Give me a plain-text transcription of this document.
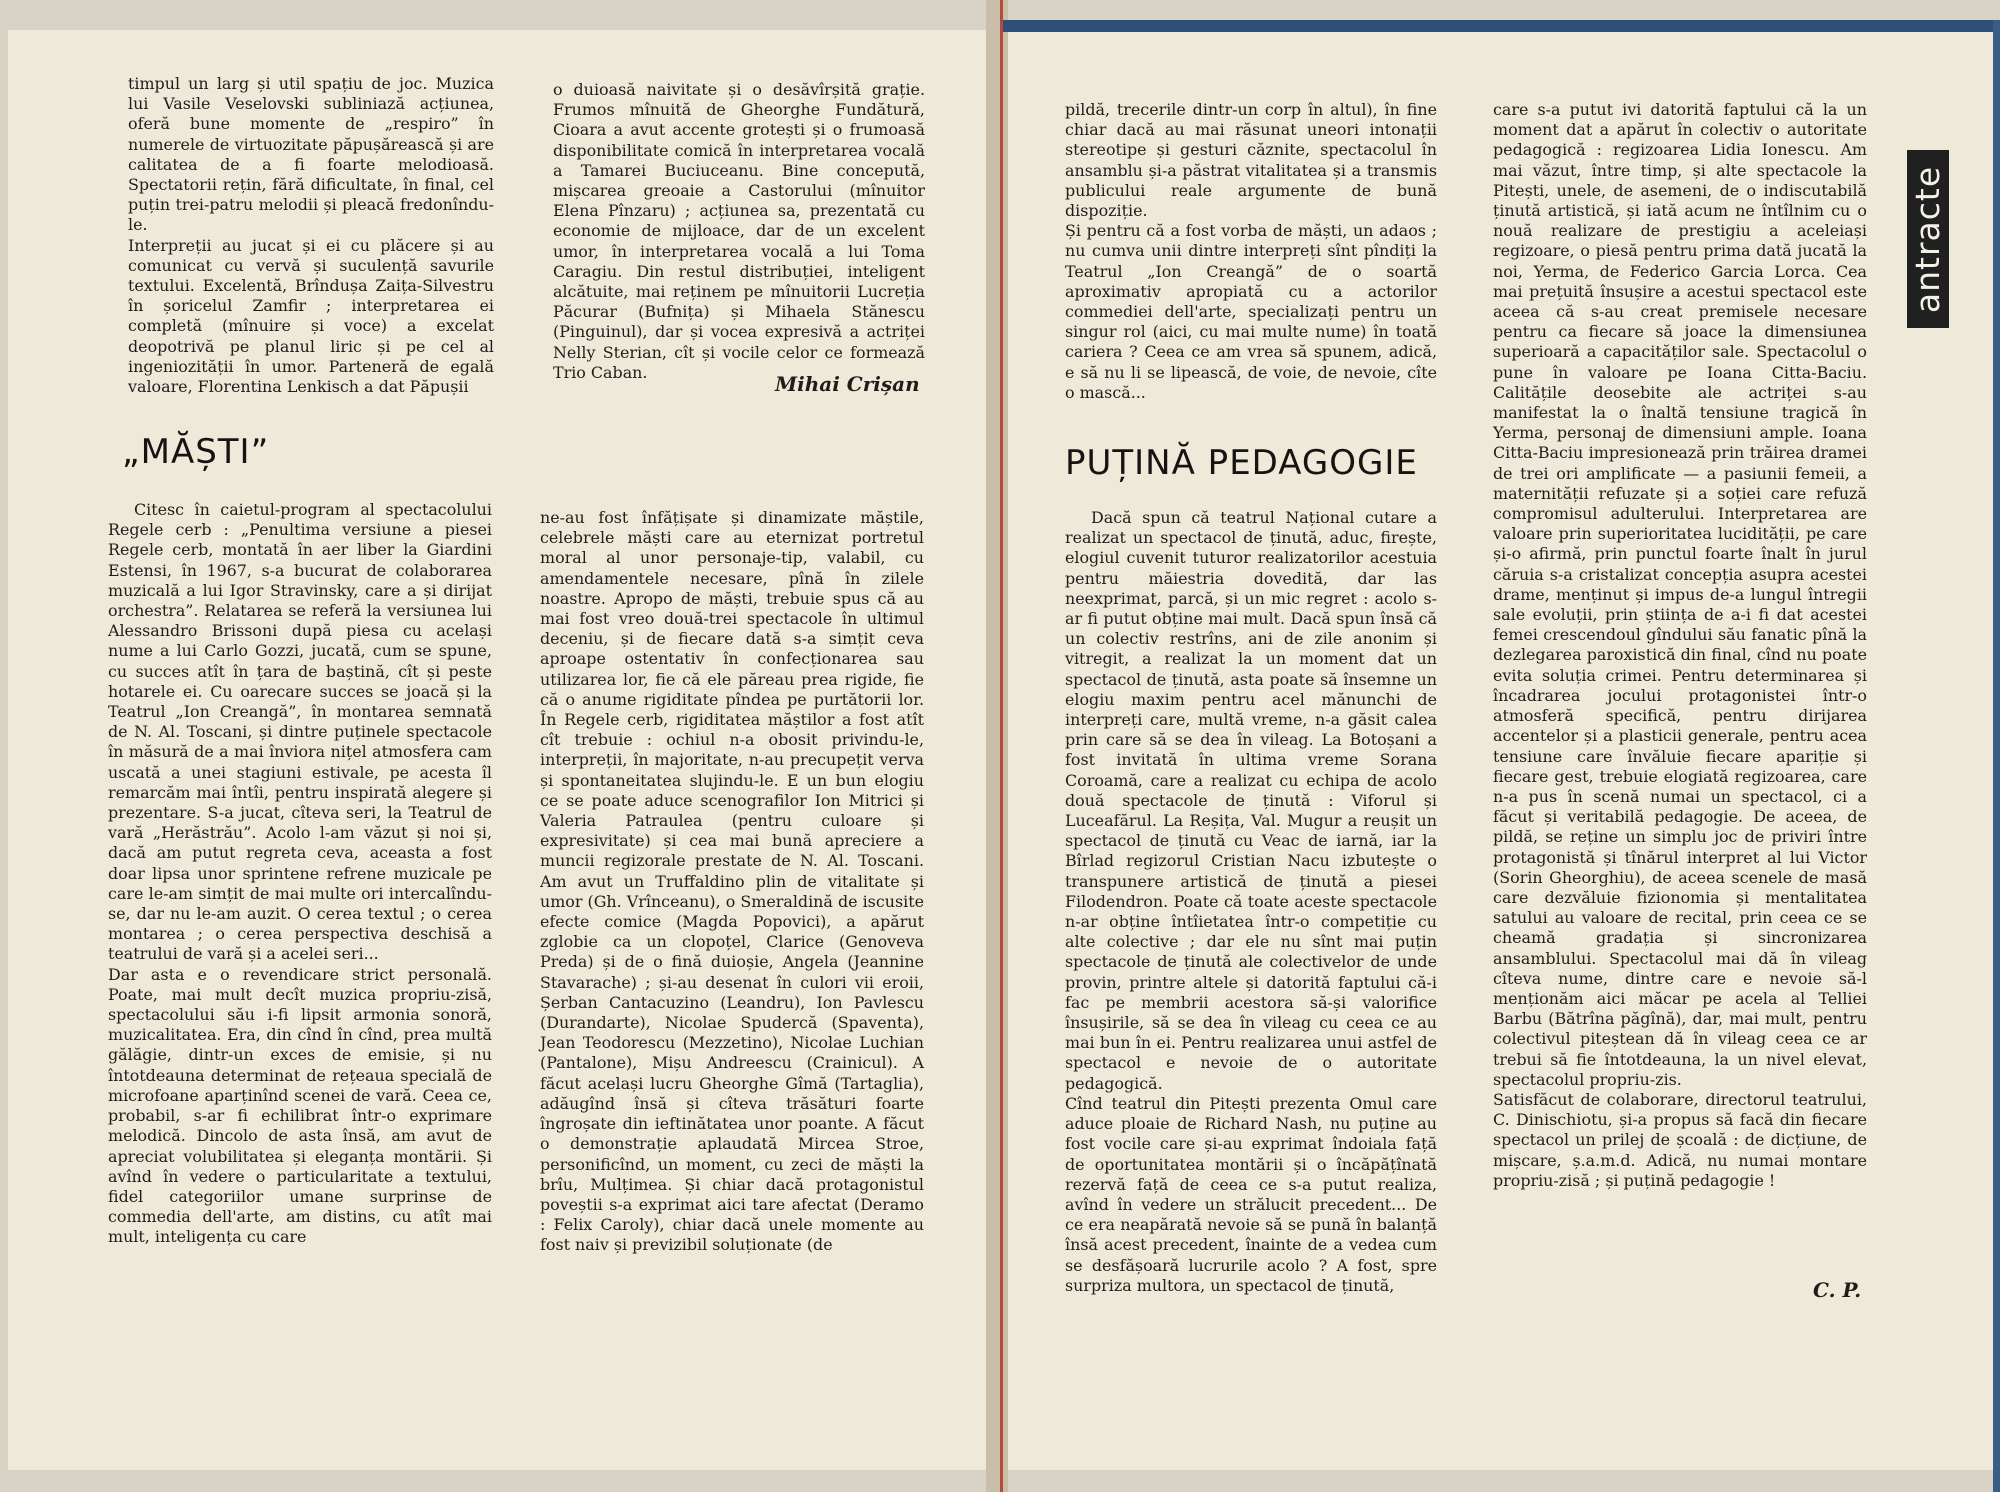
timpul un larg și util spațiu de joc. Muzica lui Vasile Veselovski subliniază acțiunea, oferă bune momente de „respiro” în numerele de virtuozitate păpușărească și are calitatea de a fi foarte melodioasă. Spectatorii rețin, fără dificultate, în final, cel puțin trei-patru melodii și pleacă fredonîndu-le.
Interpreții au jucat și ei cu plăcere și au comunicat cu vervă și suculență savurile textului. Excelentă, Brîndușa Zaița-Silvestru în șoricelul Zamfir ; interpretarea ei completă (mînuire și voce) a excelat deopotrivă pe planul liric și pe cel al ingeniozității în umor. Parteneră de egală valoare, Florentina Lenkisch a dat Păpușii

o duioasă naivitate și o desăvîrșită grație. Frumos mînuită de Gheorghe Fundătură, Cioara a avut accente grotești și o frumoasă disponibilitate comică în interpretarea vocală a Tamarei Buciuceanu. Bine concepută, mișcarea greoaie a Castorului (mînuitor Elena Pînzaru) ; acțiunea sa, prezentată cu economie de mijloace, dar de un excelent umor, în interpretarea vocală a lui Toma Caragiu. Din restul distribuției, inteligent alcătuite, mai reținem pe mînuitorii Lucreția Păcurar (Bufnița) și Mihaela Stănescu (Pinguinul), dar și vocea expresivă a actriței Nelly Sterian, cît și vocile celor ce formează Trio Caban.	Mihai Crișan
„MĂȘTI”

Citesc în caietul-program al spectacolului Regele cerb : „Penultima versiune a piesei Regele cerb, montată în aer liber la Giardini Estensi, în 1967, s-a bucurat de colaborarea muzicală a lui Igor Stravinsky, care a și dirijat orchestra”. Relatarea se referă la versiunea lui Alessandro Brissoni după piesa cu același nume a lui Carlo Gozzi, jucată, cum se spune, cu succes atît în țara de baștină, cît și peste hotarele ei. Cu oarecare succes se joacă și la Teatrul „Ion Creangă”, în montarea semnată de N. Al. Toscani, și dintre puținele spectacole în măsură de a mai înviora nițel atmosfera cam uscată a unei stagiuni estivale, pe acesta îl remarcăm mai întîi, pentru inspirată alegere și prezentare. S-a jucat, cîteva seri, la Teatrul de vară „Herăstrău”. Acolo l-am văzut și noi și, dacă am putut regreta ceva, aceasta a fost doar lipsa unor sprintene refrene muzicale pe care le-am simțit de mai multe ori intercalîndu-se, dar nu le-am auzit. O cerea textul ; o cerea montarea ; o cerea perspectiva deschisă a teatrului de vară și a acelei seri...
Dar asta e o revendicare strict personală. Poate, mai mult decît muzica propriu-zisă, spectacolului său i-fi lipsit armonia sonoră, muzicalitatea. Era, din cînd în cînd, prea multă gălăgie, dintr-un exces de emisie, și nu întotdeauna determinat de rețeaua specială de microfoane aparținînd scenei de vară. Ceea ce, probabil, s-ar fi echilibrat într-o exprimare melodică. Dincolo de asta însă, am avut de apreciat volubilitatea și eleganța montării. Și avînd în vedere o particularitate a textului, fidel categoriilor umane surprinse de commedia dell'arte, am distins, cu atît mai mult, inteligența cu care

ne-au fost înfățișate și dinamizate măștile, celebrele măști care au eternizat portretul moral al unor personaje-tip, valabil, cu amendamentele necesare, pînă în zilele noastre. Apropo de măști, trebuie spus că au mai fost vreo două-trei spectacole în ultimul deceniu, și de fiecare dată s-a simțit ceva aproape ostentativ în confecționarea sau utilizarea lor, fie că ele păreau prea rigide, fie că o anume rigiditate pîndea pe purtătorii lor. În Regele cerb, rigiditatea măștilor a fost atît cît trebuie : ochiul n-a obosit privindu-le, interpreții, în majoritate, n-au precupețit verva și spontaneitatea slujindu-le. E un bun elogiu ce se poate aduce scenografilor Ion Mitrici și Valeria Patraulea (pentru culoare și expresivitate) și cea mai bună apreciere a muncii regizorale prestate de N. Al. Toscani. Am avut un Truffaldino plin de vitalitate și umor (Gh. Vrînceanu), o Smeraldină de iscusite efecte comice (Magda Popovici), a apărut zglobie ca un clopoțel, Clarice (Genoveva Preda) și de o fină duioșie, Angela (Jeannine Stavarache) ; și-au desenat în culori vii eroii, Șerban Cantacuzino (Leandru), Ion Pavlescu (Durandarte), Nicolae Spudercă (Spaventa), Jean Teodorescu (Mezzetino), Nicolae Luchian (Pantalone), Mișu Andreescu (Crainicul). A făcut același lucru Gheorghe Gîmă (Tartaglia), adăugînd însă și cîteva trăsături foarte îngroșate din ieftinătatea unor poante. A făcut o demonstrație aplaudată Mircea Stroe, personificînd, un moment, cu zeci de măști la brîu, Mulțimea. Și chiar dacă protagonistul poveștii s-a exprimat aici tare afectat (Deramo : Felix Caroly), chiar dacă unele momente au fost naiv și previzibil soluționate (de

pildă, trecerile dintr-un corp în altul), în fine chiar dacă au mai răsunat uneori intonații stereotipe și gesturi căznite, spectacolul în ansamblu și-a păstrat vitalitatea și a transmis publicului reale argumente de bună dispoziție.
Și pentru că a fost vorba de măști, un adaos ; nu cumva unii dintre interpreți sînt pîndiți la Teatrul „Ion Creangă” de o soartă aproximativ apropiată cu a actorilor commediei dell'arte, specializați pentru un singur rol (aici, cu mai multe nume) în toată cariera ? Ceea ce am vrea să spunem, adică, e să nu li se lipească, de voie, de nevoie, cîte o mască...

PUȚINĂ PEDAGOGIE

Dacă spun că teatrul Național cutare a realizat un spectacol de ținută, aduc, firește, elogiul cuvenit tuturor realizatorilor acestuia pentru măiestria dovedită, dar las neexprimat, parcă, și un mic regret : acolo s-ar fi putut obține mai mult. Dacă spun însă că un colectiv restrîns, ani de zile anonim și vitregit, a realizat la un moment dat un spectacol de ținută, asta poate să însemne un elogiu maxim pentru acel mănunchi de interpreți care, multă vreme, n-a găsit calea prin care să se dea în vileag. La Botoșani a fost invitată în ultima vreme Sorana Coroamă, care a realizat cu echipa de acolo două spectacole de ținută : Viforul și Luceafărul. La Reșița, Val. Mugur a reușit un spectacol de ținută cu Veac de iarnă, iar la Bîrlad regizorul Cristian Nacu izbutește o transpunere artistică de ținută a piesei Filodendron. Poate că toate aceste spectacole n-ar obține întîietatea într-o competiție cu alte colective ; dar ele nu sînt mai puțin spectacole de ținută ale colectivelor de unde provin, printre altele și datorită faptului că-i fac pe membrii acestora să-și valorifice însușirile, să se dea în vileag cu ceea ce au mai bun în ei. Pentru realizarea unui astfel de spectacol e nevoie de o autoritate pedagogică.
Cînd teatrul din Pitești prezenta Omul care aduce ploaie de Richard Nash, nu puține au fost vocile care și-au exprimat îndoiala față de oportunitatea montării și o încăpățînată rezervă față de ceea ce s-a putut realiza, avînd în vedere un strălucit precedent... De ce era neapărată nevoie să se pună în balanță însă acest precedent, înainte de a vedea cum se desfășoară lucrurile acolo ? A fost, spre surpriza multora, un spectacol de ținută,

care s-a putut ivi datorită faptului că la un moment dat a apărut în colectiv o autoritate pedagogică : regizoarea Lidia Ionescu. Am mai văzut, între timp, și alte spectacole la Pitești, unele, de asemeni, de o indiscutabilă ținută artistică, și iată acum ne întîlnim cu o nouă realizare de prestigiu a aceleiași regizoare, o piesă pentru prima dată jucată la noi, Yerma, de Federico Garcia Lorca. Cea mai prețuită însușire a acestui spectacol este aceea că s-au creat premisele necesare pentru ca fiecare să joace la dimensiunea superioară a capacităților sale. Spectacolul o pune în valoare pe Ioana Citta-Baciu. Calitățile deosebite ale actriței s-au manifestat la o înaltă tensiune tragică în Yerma, personaj de dimensiuni ample. Ioana Citta-Baciu impresionează prin trăirea dramei de trei ori amplificate — a pasiunii femeii, a maternității refuzate și a soției care refuză compromisul adulterului. Interpretarea are valoare prin superioritatea lucidității, pe care și-o afirmă, prin punctul foarte înalt în jurul căruia s-a cristalizat concepția asupra acestei drame, menținut și impus de-a lungul întregii sale evoluții, prin știința de a-i fi dat acestei femei crescendoul gîndului său fanatic pînă la dezlegarea paroxistică din final, cînd nu poate evita soluția crimei. Pentru determinarea și încadrarea jocului protagonistei într-o atmosferă specifică, pentru dirijarea accentelor și a plasticii generale, pentru acea tensiune care învăluie fiecare apariție și fiecare gest, trebuie elogiată regizoarea, care n-a pus în scenă numai un spectacol, ci a făcut și veritabilă pedagogie. De aceea, de pildă, se reține un simplu joc de priviri între protagonistă și tînărul interpret al lui Victor (Sorin Gheorghiu), de aceea scenele de masă care dezvăluie fizionomia și mentalitatea satului au valoare de recital, prin ceea ce se cheamă gradația și sincronizarea ansamblului. Spectacolul mai dă în vileag cîteva nume, dintre care e nevoie să-l menționăm aici măcar pe acela al Telliei Barbu (Bătrîna păgînă), dar, mai mult, pentru colectivul piteștean dă în vileag ceea ce ar trebui să fie întotdeauna, la un nivel elevat, spectacolul propriu-zis.
Satisfăcut de colaborare, directorul teatrului, C. Dinischiotu, și-a propus să facă din fiecare spectacol un prilej de școală : de dicțiune, de mișcare, ș.a.m.d. Adică, nu numai montare propriu-zisă ; și puțină pedagogie !

C. P.
antracte
